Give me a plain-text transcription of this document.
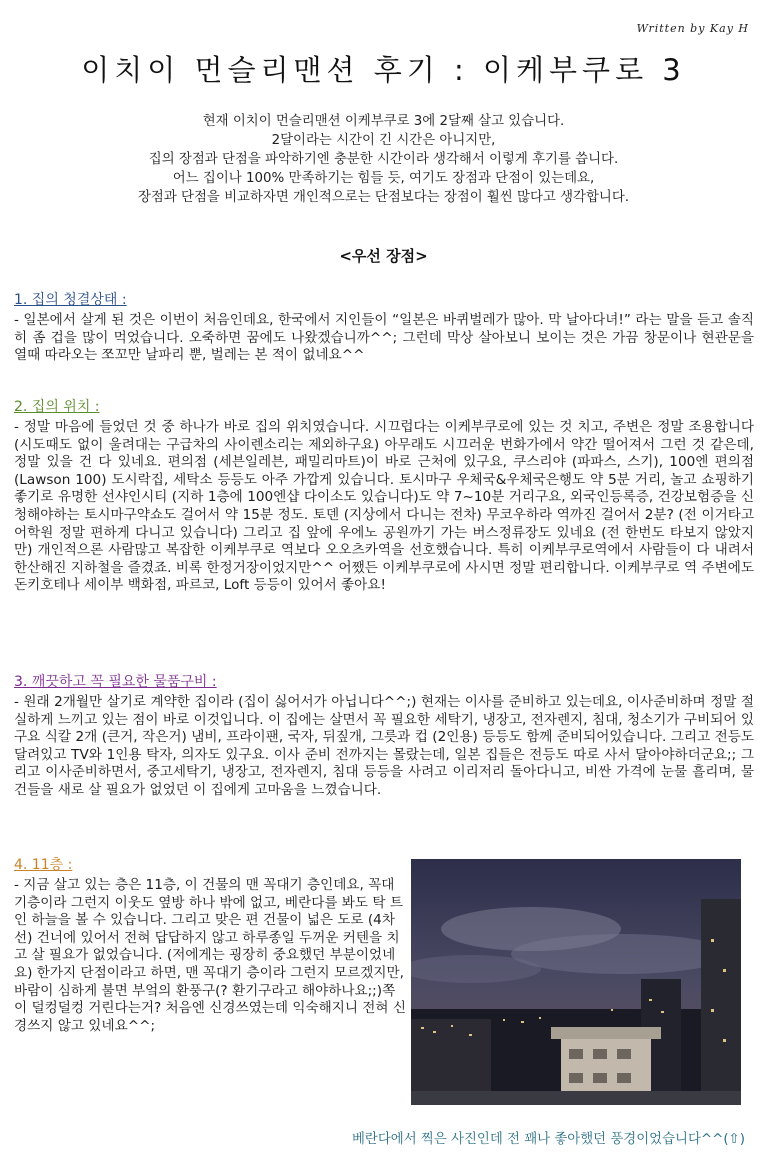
Written by Kay H
이치이 먼슬리맨션 후기 : 이케부쿠로 3
현재 이치이 먼슬리맨션 이케부쿠로 3에 2달째 살고 있습니다.
2달이라는 시간이 긴 시간은 아니지만,
집의 장점과 단점을 파악하기엔 충분한 시간이라 생각해서 이렇게 후기를 씁니다.
어느 집이나 100% 만족하기는 힘들 듯, 여기도 장점과 단점이 있는데요,
장점과 단점을 비교하자면 개인적으로는 단점보다는 장점이 훨씬 많다고 생각합니다.
<우선 장점>
1. 집의 청결상태 :
- 일본에서 살게 된 것은 이번이 처음인데요, 한국에서 지인들이 “일본은 바퀴벌레가 많아. 막 날아다녀!” 라는 말을 듣고 솔직히 좀 겁을 많이 먹었습니다. 오죽하면 꿈에도 나왔겠습니까^^; 그런데 막상 살아보니 보이는 것은 가끔 창문이나 현관문을 열때 따라오는 쪼꼬만 날파리 뿐, 벌레는 본 적이 없네요^^
2. 집의 위치 :
- 정말 마음에 들었던 것 중 하나가 바로 집의 위치였습니다. 시끄럽다는 이케부쿠로에 있는 것 치고, 주변은 정말 조용합니다 (시도때도 없이 울려대는 구급차의 사이렌소리는 제외하구요) 아무래도 시끄러운 번화가에서 약간 떨어져서 그런 것 같은데, 정말 있을 건 다 있네요. 편의점 (세븐일레븐, 패밀리마트)이 바로 근처에 있구요, 쿠스리야 (파파스, 스기), 100엔 편의점 (Lawson 100) 도시락집, 세탁소 등등도 아주 가깝게 있습니다. 토시마구 우체국&우체국은행도 약 5분 거리, 놀고 쇼핑하기 좋기로 유명한 선샤인시티 (지하 1층에 100엔샵 다이소도 있습니다)도 약 7~10분 거리구요, 외국인등록증, 건강보험증을 신청해야하는 토시마구약쇼도 걸어서 약 15분 정도. 토덴 (지상에서 다니는 전차) 무코우하라 역까진 걸어서 2분? (전 이거타고 어학원 정말 편하게 다니고 있습니다) 그리고 집 앞에 우에노 공원까기 가는 버스정류장도 있네요 (전 한번도 타보지 않았지만) 개인적으론 사람많고 복잡한 이케부쿠로 역보다 오오츠카역을 선호했습니다. 특히 이케부쿠로역에서 사람들이 다 내려서 한산해진 지하철을 즐겼죠. 비록 한정거장이었지만^^ 어쨌든 이케부쿠로에 사시면 정말 편리합니다. 이케부쿠로 역 주변에도 돈키호테나 세이부 백화점, 파르코, Loft 등등이 있어서 좋아요!
3. 깨끗하고 꼭 필요한 물품구비 :
- 원래 2개월만 살기로 계약한 집이라 (집이 싫어서가 아닙니다^^;) 현재는 이사를 준비하고 있는데요, 이사준비하며 정말 절실하게 느끼고 있는 점이 바로 이것입니다. 이 집에는 살면서 꼭 필요한 세탁기, 냉장고, 전자렌지, 침대, 청소기가 구비되어 있구요 식칼 2개 (큰거, 작은거) 냄비, 프라이팬, 국자, 뒤짚개, 그릇과 컵 (2인용) 등등도 함께 준비되어있습니다. 그리고 전등도 달려있고 TV와 1인용 탁자, 의자도 있구요. 이사 준비 전까지는 몰랐는데, 일본 집들은 전등도 따로 사서 달아야하더군요;; 그리고 이사준비하면서, 중고세탁기, 냉장고, 전자렌지, 침대 등등을 사려고 이리저리 돌아다니고, 비싼 가격에 눈물 흘리며, 물건들을 새로 살 필요가 없었던 이 집에게 고마움을 느꼈습니다.
4. 11층 :
- 지금 살고 있는 층은 11층, 이 건물의 맨 꼭대기 층인데요, 꼭대기층이라 그런지 이웃도 옆방 하나 밖에 없고, 베란다를 봐도 탁 트인 하늘을 볼 수 있습니다. 그리고 맞은 편 건물이 넓은 도로 (4차선) 건너에 있어서 전혀 답답하지 않고 하루종일 두꺼운 커텐을 치고 살 필요가 없었습니다. (저에게는 굉장히 중요했던 부분이었네요) 한가지 단점이라고 하면, 맨 꼭대기 층이라 그런지 모르겠지만, 바람이 심하게 불면 부엌의 환풍구(? 환기구라고 해야하나요;;)쪽이 덜컹덜컹 거린다는거? 처음엔 신경쓰였는데 익숙해지니 전혀 신경쓰지 않고 있네요^^;
베란다에서 찍은 사진인데 전 꽤나 좋아했던 풍경이었습니다^^(⇧)
